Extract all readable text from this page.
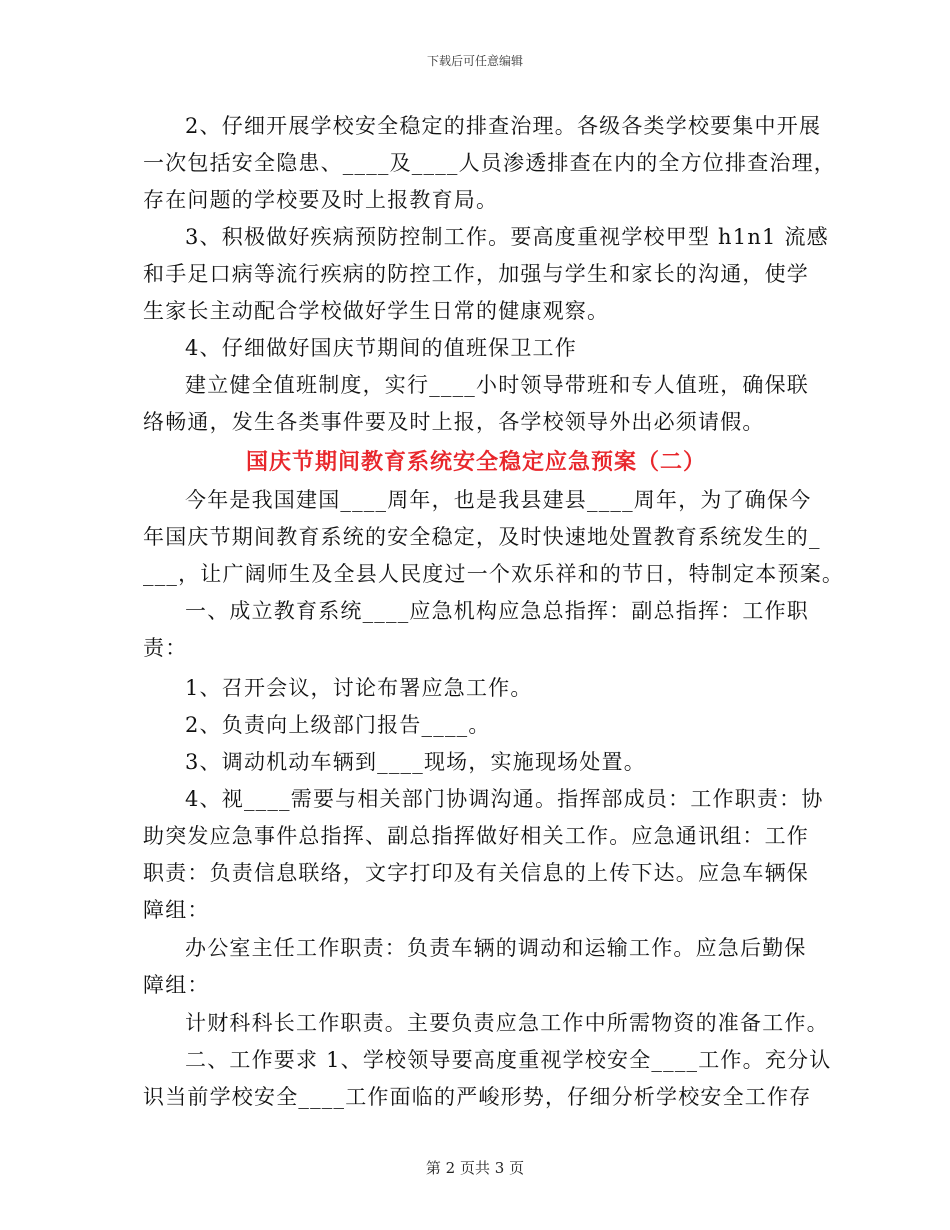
下载后可任意编辑
2、仔细开展学校安全稳定的排查治理。各级各类学校要集中开展
一次包括安全隐患、____及____人员渗透排查在内的全方位排查治理，
存在问题的学校要及时上报教育局。
3、积极做好疾病预防控制工作。要高度重视学校甲型 h1n1 流感
和手足口病等流行疾病的防控工作，加强与学生和家长的沟通，使学
生家长主动配合学校做好学生日常的健康观察。
4、仔细做好国庆节期间的值班保卫工作
建立健全值班制度，实行____小时领导带班和专人值班，确保联
络畅通，发生各类事件要及时上报，各学校领导外出必须请假。
国庆节期间教育系统安全稳定应急预案（二）
今年是我国建国____周年，也是我县建县____周年，为了确保今
年国庆节期间教育系统的安全稳定，及时快速地处置教育系统发生的_
___，让广阔师生及全县人民度过一个欢乐祥和的节日，特制定本预案。
一、成立教育系统____应急机构应急总指挥：副总指挥：工作职
责：
1、召开会议，讨论布署应急工作。
2、负责向上级部门报告____。
3、调动机动车辆到____现场，实施现场处置。
4、视____需要与相关部门协调沟通。指挥部成员：工作职责：协
助突发应急事件总指挥、副总指挥做好相关工作。应急通讯组：工作
职责：负责信息联络，文字打印及有关信息的上传下达。应急车辆保
障组：
办公室主任工作职责：负责车辆的调动和运输工作。应急后勤保
障组：
计财科科长工作职责。主要负责应急工作中所需物资的准备工作。
二、工作要求 1、学校领导要高度重视学校安全____工作。充分认
识当前学校安全____工作面临的严峻形势，仔细分析学校安全工作存
第 2 页共 3 页
